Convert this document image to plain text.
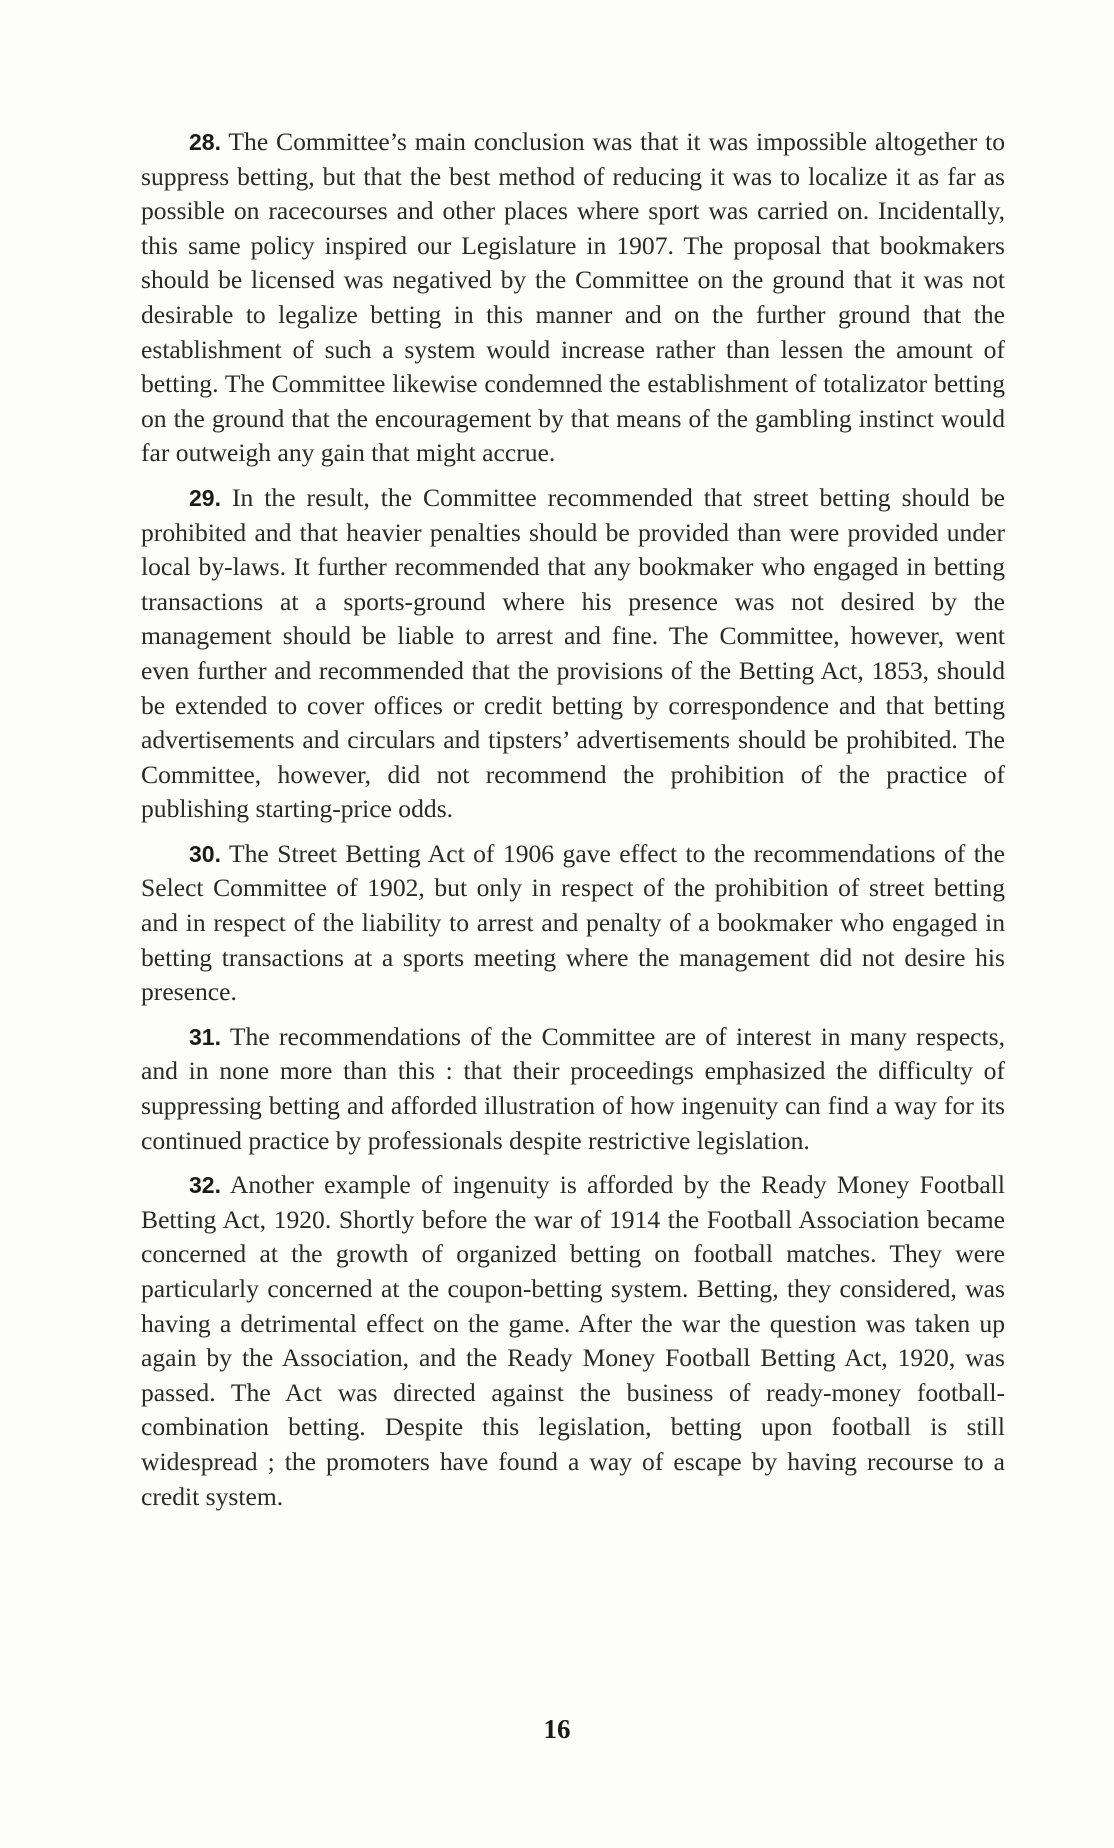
28. The Committee’s main conclusion was that it was impossible altogether to suppress betting, but that the best method of reducing it was to localize it as far as possible on racecourses and other places where sport was carried on. Incidentally, this same policy inspired our Legislature in 1907. The proposal that bookmakers should be licensed was negatived by the Committee on the ground that it was not desirable to legalize betting in this manner and on the further ground that the establishment of such a system would increase rather than lessen the amount of betting. The Committee likewise condemned the establishment of totalizator betting on the ground that the encouragement by that means of the gambling instinct would far outweigh any gain that might accrue.

29. In the result, the Committee recommended that street betting should be prohibited and that heavier penalties should be provided than were provided under local by-laws. It further recommended that any bookmaker who engaged in betting transactions at a sports-ground where his presence was not desired by the management should be liable to arrest and fine. The Committee, however, went even further and recommended that the provisions of the Betting Act, 1853, should be extended to cover offices or credit betting by correspondence and that betting advertisements and circulars and tipsters’ advertisements should be prohibited. The Committee, however, did not recommend the prohibition of the practice of publishing starting-price odds.

30. The Street Betting Act of 1906 gave effect to the recommendations of the Select Committee of 1902, but only in respect of the prohibition of street betting and in respect of the liability to arrest and penalty of a bookmaker who engaged in betting transactions at a sports meeting where the management did not desire his presence.

31. The recommendations of the Committee are of interest in many respects, and in none more than this : that their proceedings emphasized the difficulty of suppressing betting and afforded illustration of how ingenuity can find a way for its continued practice by professionals despite restrictive legislation.

32. Another example of ingenuity is afforded by the Ready Money Football Betting Act, 1920. Shortly before the war of 1914 the Football Association became concerned at the growth of organized betting on football matches. They were particularly concerned at the coupon-betting system. Betting, they considered, was having a detrimental effect on the game. After the war the question was taken up again by the Association, and the Ready Money Football Betting Act, 1920, was passed. The Act was directed against the business of ready-money football-combination betting. Despite this legislation, betting upon football is still widespread ; the promoters have found a way of escape by having recourse to a credit system.

16
